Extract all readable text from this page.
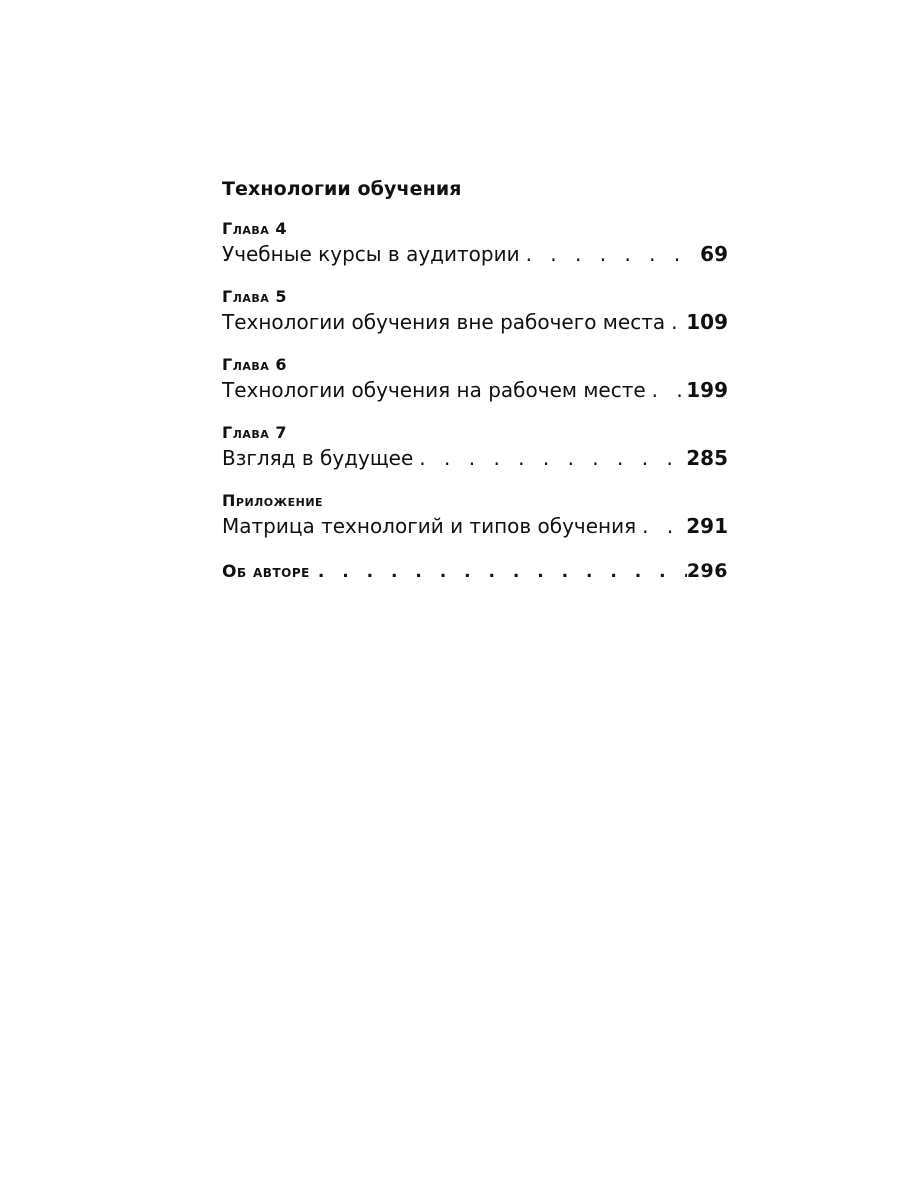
Технологии обучения
Глава 4
Учебные курсы в аудитории . . .	69
Глава 5
Технологии обучения вне рабочего места . . . 109
Глава 6
Технологии обучения на рабочем месте . . . 199
Глава 7
Взгляд в будущее . . .	285
Приложение
Матрица технологий и типов обучения . . .	291
Об авторе . . .	296
